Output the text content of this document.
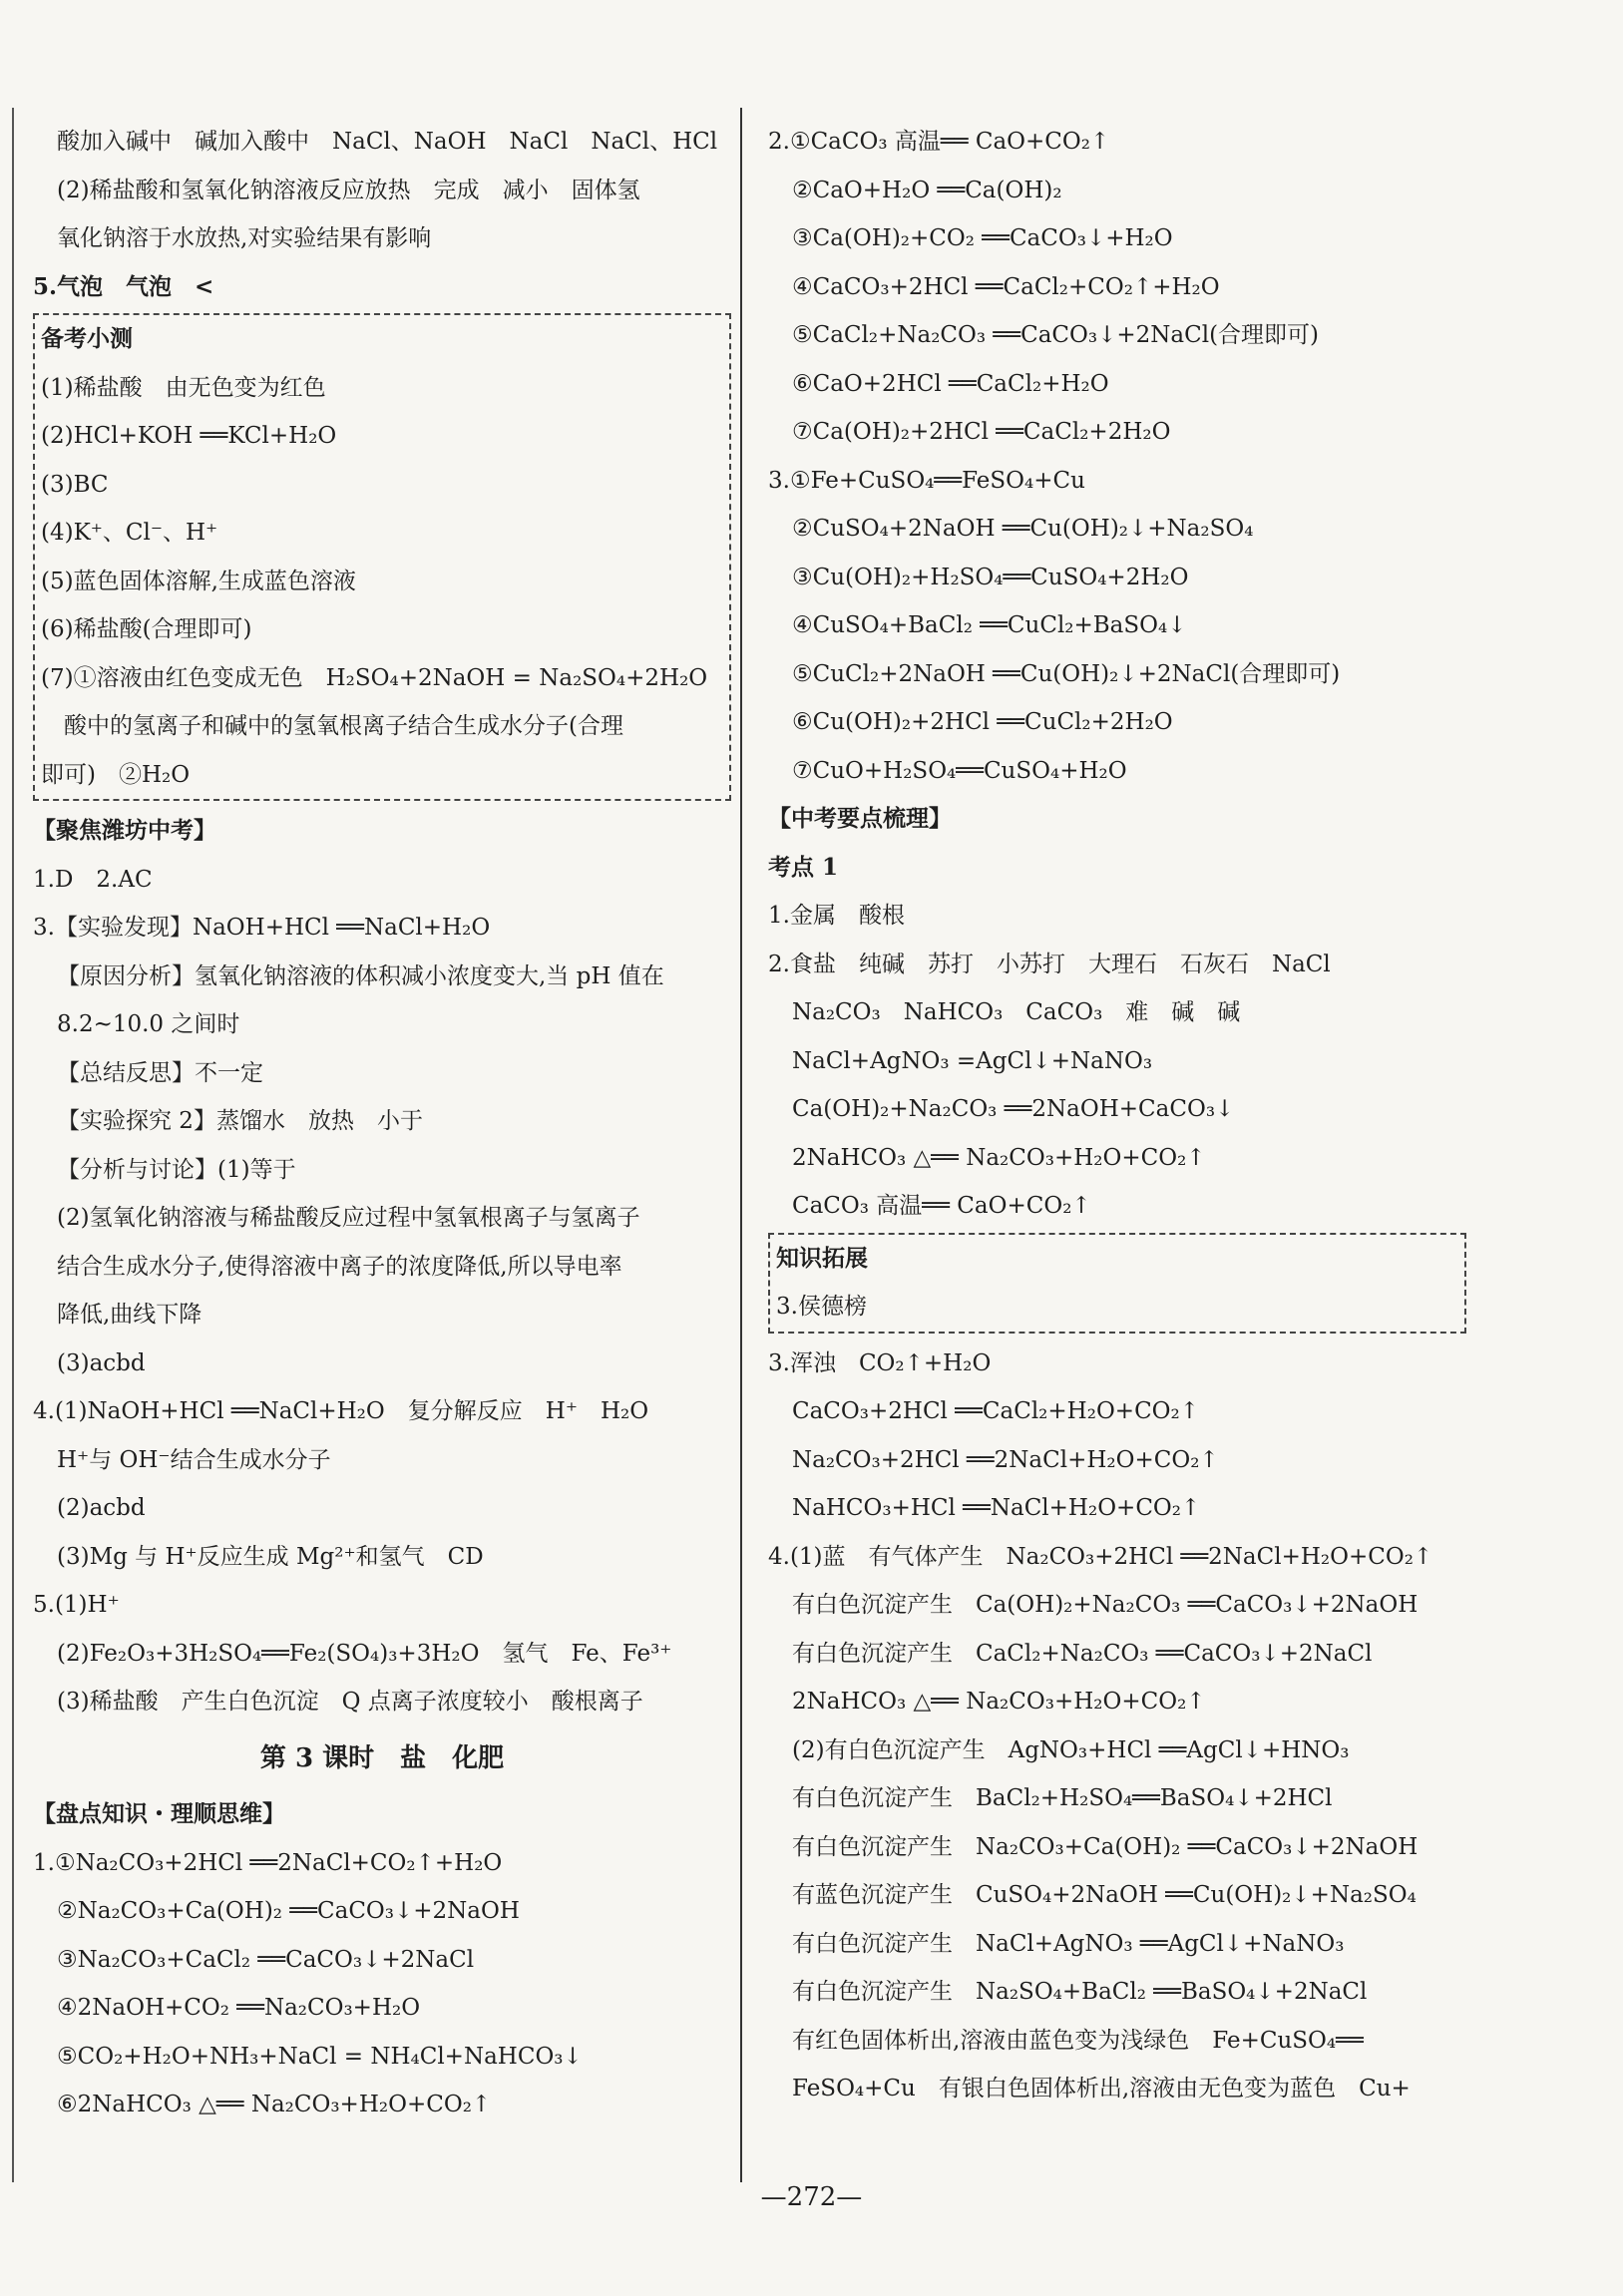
酸加入碱中　碱加入酸中　NaCl、NaOH　NaCl　NaCl、HCl
(2)稀盐酸和氢氧化钠溶液反应放热　完成　减小　固体氢
氧化钠溶于水放热,对实验结果有影响
5.气泡　气泡　<
备考小测
(1)稀盐酸　由无色变为红色
(2)HCl+KOH ══KCl+H₂O
(3)BC
(4)K⁺、Cl⁻、H⁺
(5)蓝色固体溶解,生成蓝色溶液
(6)稀盐酸(合理即可)
(7)①溶液由红色变成无色　H₂SO₄+2NaOH = Na₂SO₄+2H₂O
　酸中的氢离子和碱中的氢氧根离子结合生成水分子(合理
即可)　②H₂O
【聚焦潍坊中考】
1.D　2.AC
3.【实验发现】NaOH+HCl ══NaCl+H₂O
【原因分析】氢氧化钠溶液的体积减小浓度变大,当 pH 值在
8.2~10.0 之间时
【总结反思】不一定
【实验探究 2】蒸馏水　放热　小于
【分析与讨论】(1)等于
(2)氢氧化钠溶液与稀盐酸反应过程中氢氧根离子与氢离子
结合生成水分子,使得溶液中离子的浓度降低,所以导电率
降低,曲线下降
(3)acbd
4.(1)NaOH+HCl ══NaCl+H₂O　复分解反应　H⁺　H₂O
H⁺与 OH⁻结合生成水分子
(2)acbd
(3)Mg 与 H⁺反应生成 Mg²⁺和氢气　CD
5.(1)H⁺
(2)Fe₂O₃+3H₂SO₄══Fe₂(SO₄)₃+3H₂O　氢气　Fe、Fe³⁺
(3)稀盐酸　产生白色沉淀　Q 点离子浓度较小　酸根离子
第 3 课时　盐　化肥
【盘点知识・理顺思维】
1.①Na₂CO₃+2HCl ══2NaCl+CO₂↑+H₂O
②Na₂CO₃+Ca(OH)₂ ══CaCO₃↓+2NaOH
③Na₂CO₃+CaCl₂ ══CaCO₃↓+2NaCl
④2NaOH+CO₂ ══Na₂CO₃+H₂O
⑤CO₂+H₂O+NH₃+NaCl = NH₄Cl+NaHCO₃↓
⑥2NaHCO₃ △══ Na₂CO₃+H₂O+CO₂↑
2.①CaCO₃ 高温══ CaO+CO₂↑
②CaO+H₂O ══Ca(OH)₂
③Ca(OH)₂+CO₂ ══CaCO₃↓+H₂O
④CaCO₃+2HCl ══CaCl₂+CO₂↑+H₂O
⑤CaCl₂+Na₂CO₃ ══CaCO₃↓+2NaCl(合理即可)
⑥CaO+2HCl ══CaCl₂+H₂O
⑦Ca(OH)₂+2HCl ══CaCl₂+2H₂O
3.①Fe+CuSO₄══FeSO₄+Cu
②CuSO₄+2NaOH ══Cu(OH)₂↓+Na₂SO₄
③Cu(OH)₂+H₂SO₄══CuSO₄+2H₂O
④CuSO₄+BaCl₂ ══CuCl₂+BaSO₄↓
⑤CuCl₂+2NaOH ══Cu(OH)₂↓+2NaCl(合理即可)
⑥Cu(OH)₂+2HCl ══CuCl₂+2H₂O
⑦CuO+H₂SO₄══CuSO₄+H₂O
【中考要点梳理】
考点 1
1.金属　酸根
2.食盐　纯碱　苏打　小苏打　大理石　石灰石　NaCl
Na₂CO₃　NaHCO₃　CaCO₃　难　碱　碱
NaCl+AgNO₃ =AgCl↓+NaNO₃
Ca(OH)₂+Na₂CO₃ ══2NaOH+CaCO₃↓
2NaHCO₃ △══ Na₂CO₃+H₂O+CO₂↑
CaCO₃ 高温══ CaO+CO₂↑
知识拓展
3.侯德榜
3.浑浊　CO₂↑+H₂O
CaCO₃+2HCl ══CaCl₂+H₂O+CO₂↑
Na₂CO₃+2HCl ══2NaCl+H₂O+CO₂↑
NaHCO₃+HCl ══NaCl+H₂O+CO₂↑
4.(1)蓝　有气体产生　Na₂CO₃+2HCl ══2NaCl+H₂O+CO₂↑
有白色沉淀产生　Ca(OH)₂+Na₂CO₃ ══CaCO₃↓+2NaOH
有白色沉淀产生　CaCl₂+Na₂CO₃ ══CaCO₃↓+2NaCl
2NaHCO₃ △══ Na₂CO₃+H₂O+CO₂↑
(2)有白色沉淀产生　AgNO₃+HCl ══AgCl↓+HNO₃
有白色沉淀产生　BaCl₂+H₂SO₄══BaSO₄↓+2HCl
有白色沉淀产生　Na₂CO₃+Ca(OH)₂ ══CaCO₃↓+2NaOH
有蓝色沉淀产生　CuSO₄+2NaOH ══Cu(OH)₂↓+Na₂SO₄
有白色沉淀产生　NaCl+AgNO₃ ══AgCl↓+NaNO₃
有白色沉淀产生　Na₂SO₄+BaCl₂ ══BaSO₄↓+2NaCl
有红色固体析出,溶液由蓝色变为浅绿色　Fe+CuSO₄══
FeSO₄+Cu　有银白色固体析出,溶液由无色变为蓝色　Cu+
—272—
